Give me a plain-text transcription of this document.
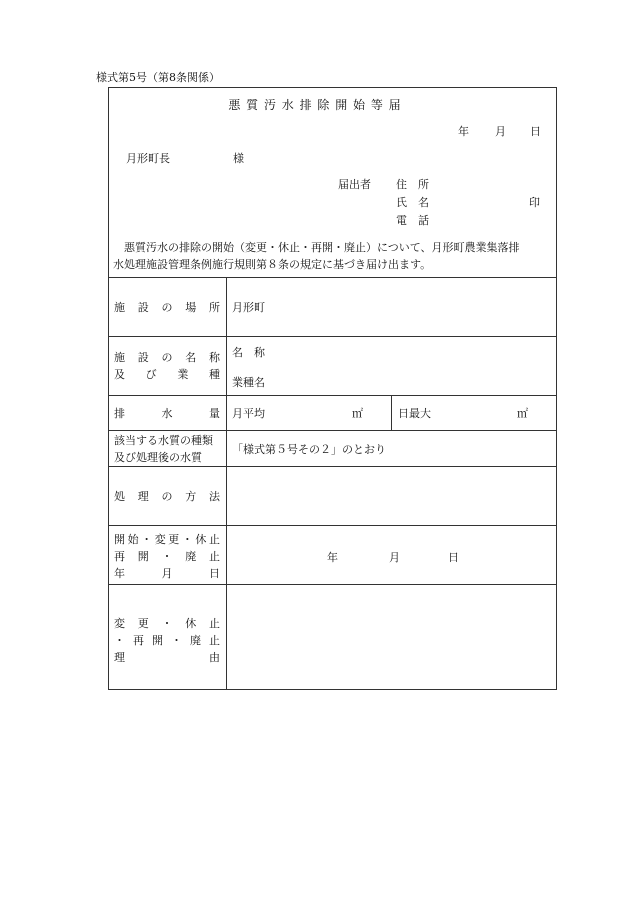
様式第5号（第8条関係）
悪 質 汚 水 排 除 開 始 等 届
年 月 日
月形町長	様
届出者 住　所
氏　名	印
電　話
悪質汚水の排除の開始（変更・休止・再開・廃止）について、月形町農業集落排
水処理施設管理条例施行規則第８条の規定に基づき届け出ます。
施 設 の 場 所 月形町
施 設 の 名 称
及 び 業 種
名　称
業種名
排	水	量 月平均	㎡	日最大	㎡
該当する水質の種類
及び処理後の水質
「様式第５号その２」のとおり
処 理 の 方 法
開 始 ・ 変 更 ・ 休 止
再 開 ・ 廃 止
年	月	日
年	月	日
変 更 ・ 休 止
・ 再 開 ・ 廃 止
理	由
